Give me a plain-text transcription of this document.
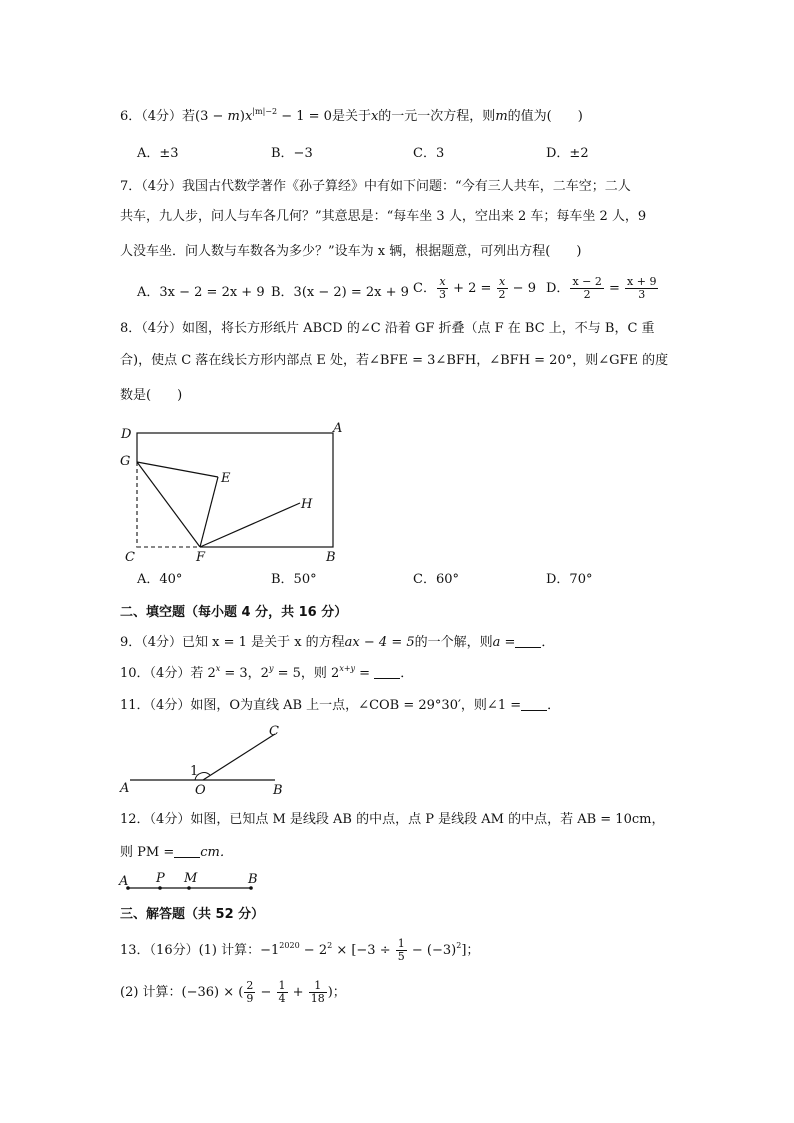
6．（4分）若$(3 - m)x^{|m|-2} - 1 = 0$是关于x的一元一次方程，则m的值为(　　)
A．±3	B．−3	C．3	D．±2
7．（4分）我国古代数学著作《孙子算经》中有如下问题：“今有三人共车，二车空；二人
共车，九人步，问人与车各几何？”其意思是：“每车坐 3 人，空出来 2 车；每车坐 2 人，9
人没车坐．问人数与车数各为多少？”设车为 x 辆，根据题意，可列出方程(　　)
A．3x − 2 = 2x + 9 B．3(x − 2) = 2x + 9 C． $\frac{x}{3} + 2 = \frac{x}{2} - 9$ D． $\frac{x - 2}{2} = \frac{x + 9}{3}$
8．（4分）如图，将长方形纸片 ABCD 的∠C 沿着 GF 折叠（点 F 在 BC 上，不与 B，C 重
合)，使点 C 落在线长方形内部点 E 处，若∠BFE = 3∠BFH，∠BFH = 20°，则∠GFE 的度
数是(　　)
D	A
G
E
H
C	F	B
A．40°	B．50°	C．60°	D．70°
二、填空题（每小题 4 分，共 16 分）
9．（4分）已知 x = 1 是关于 x 的方程ax − 4 = 5的一个解，则a = ．
10．（4分）若 $2^x = 3$，$2^y = 5$，则 $2^{x+y}$ = ．
11．（4分）如图，O为直线 AB 上一点，∠COB = 29°30′，则∠1 = ．
C
1
A	O	B
12．（4分）如图，已知点 M 是线段 AB 的中点，点 P 是线段 AM 的中点，若 AB = 10cm，
则 PM = cm．
A P M	B
三、解答题（共 52 分）
13．（16分）(1) 计算：$-1^{2020} - 2^2 \times [-3 \div \frac{1}{5} - (-3)^2]$；
(2) 计算：(−36) × ( $\frac{2}{9} - \frac{1}{4} + \frac{1}{18}$ )；
